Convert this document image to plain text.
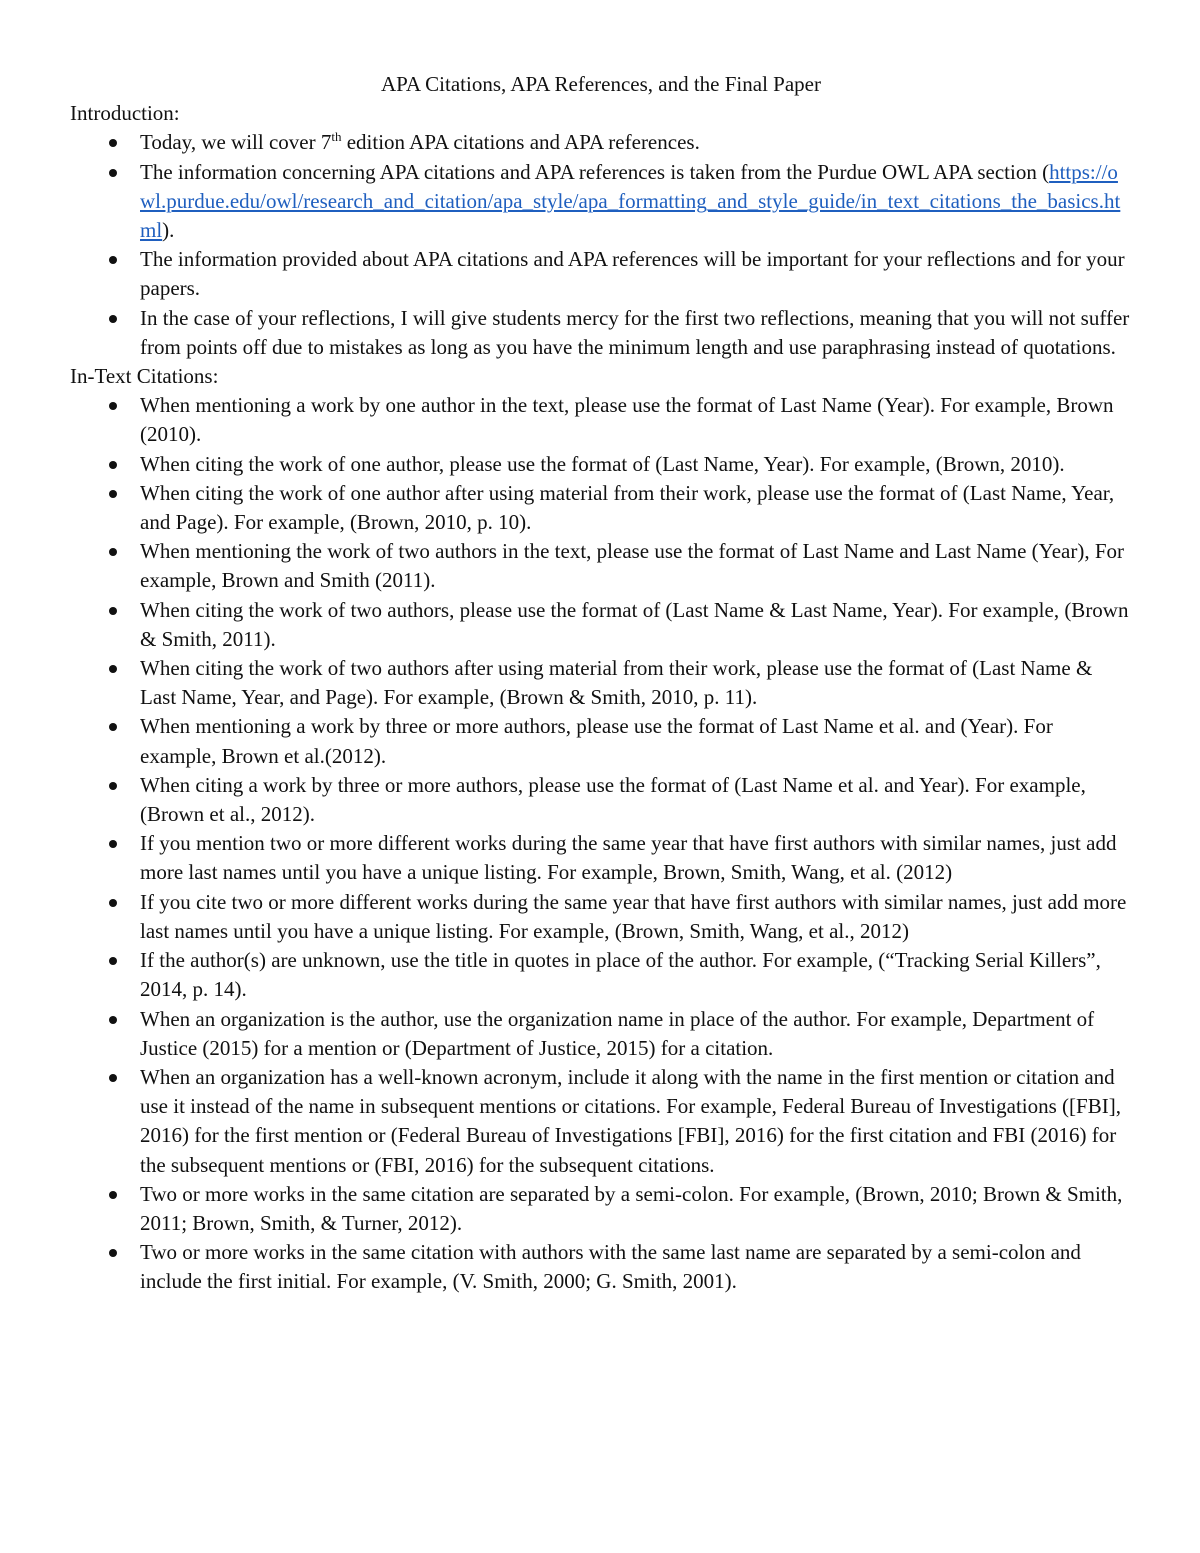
APA Citations, APA References, and the Final Paper
Introduction:
Today, we will cover 7th edition APA citations and APA references.
The information concerning APA citations and APA references is taken from the Purdue OWL APA section (https://owl.purdue.edu/owl/research_and_citation/apa_style/apa_formatting_and_style_guide/in_text_citations_the_basics.html).
The information provided about APA citations and APA references will be important for your reflections and for your papers.
In the case of your reflections, I will give students mercy for the first two reflections, meaning that you will not suffer from points off due to mistakes as long as you have the minimum length and use paraphrasing instead of quotations.
In-Text Citations:
When mentioning a work by one author in the text, please use the format of Last Name (Year). For example, Brown (2010).
When citing the work of one author, please use the format of (Last Name, Year). For example, (Brown, 2010).
When citing the work of one author after using material from their work, please use the format of (Last Name, Year, and Page). For example, (Brown, 2010, p. 10).
When mentioning the work of two authors in the text, please use the format of Last Name and Last Name (Year), For example, Brown and Smith (2011).
When citing the work of two authors, please use the format of (Last Name & Last Name, Year). For example, (Brown & Smith, 2011).
When citing the work of two authors after using material from their work, please use the format of (Last Name & Last Name, Year, and Page). For example, (Brown & Smith, 2010, p. 11).
When mentioning a work by three or more authors, please use the format of Last Name et al. and (Year). For example, Brown et al.(2012).
When citing a work by three or more authors, please use the format of (Last Name et al. and Year). For example, (Brown et al., 2012).
If you mention two or more different works during the same year that have first authors with similar names, just add more last names until you have a unique listing. For example, Brown, Smith, Wang, et al. (2012)
If you cite two or more different works during the same year that have first authors with similar names, just add more last names until you have a unique listing. For example, (Brown, Smith, Wang, et al., 2012)
If the author(s) are unknown, use the title in quotes in place of the author. For example, (“Tracking Serial Killers”, 2014, p. 14).
When an organization is the author, use the organization name in place of the author. For example, Department of Justice (2015) for a mention or (Department of Justice, 2015) for a citation.
When an organization has a well-known acronym, include it along with the name in the first mention or citation and use it instead of the name in subsequent mentions or citations. For example, Federal Bureau of Investigations ([FBI], 2016) for the first mention or (Federal Bureau of Investigations [FBI], 2016) for the first citation and FBI (2016) for the subsequent mentions or (FBI, 2016) for the subsequent citations.
Two or more works in the same citation are separated by a semi-colon. For example, (Brown, 2010; Brown & Smith, 2011; Brown, Smith, & Turner, 2012).
Two or more works in the same citation with authors with the same last name are separated by a semi-colon and include the first initial. For example, (V. Smith, 2000; G. Smith, 2001).
